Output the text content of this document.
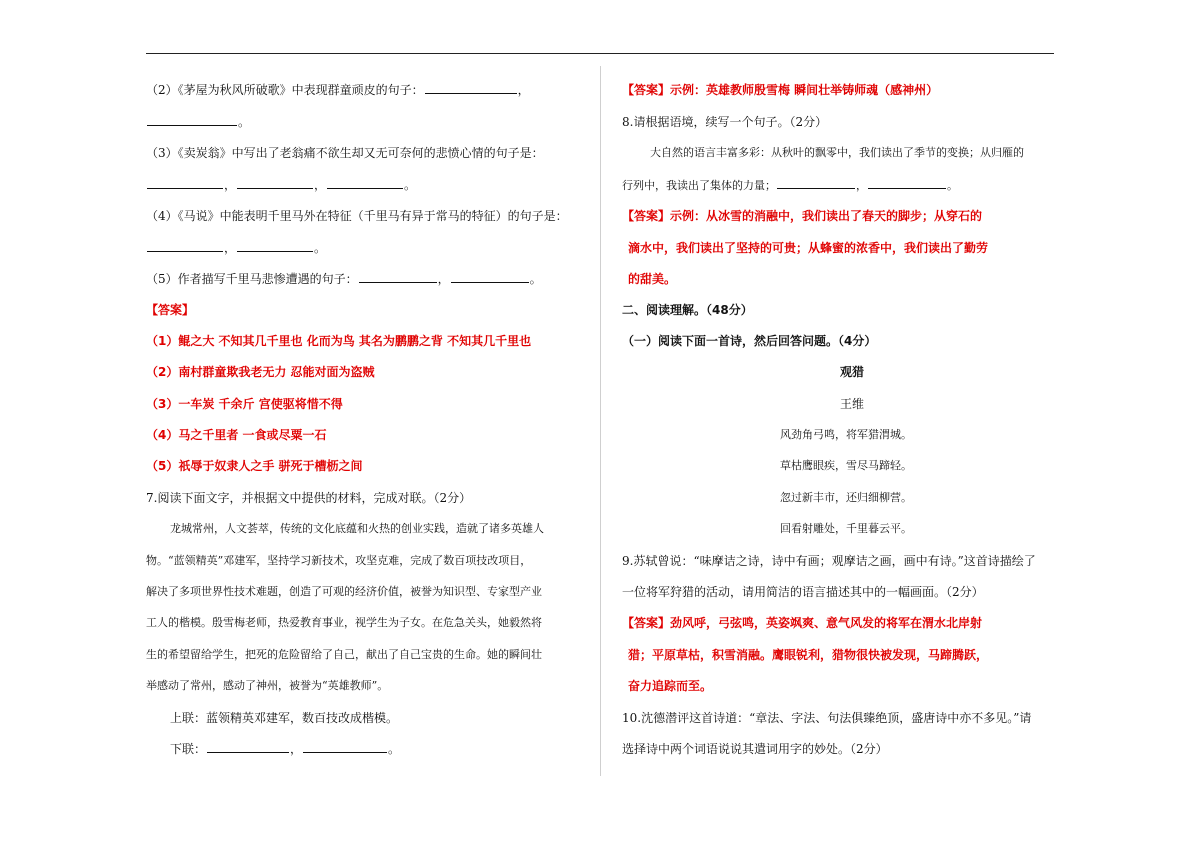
（2）《茅屋为秋风所破歌》中表现群童顽皮的句子：	，
。
（3）《卖炭翁》中写出了老翁痛不欲生却又无可奈何的悲愤心情的句子是：
，	，	。
（4）《马说》中能表明千里马外在特征（千里马有异于常马的特征）的句子是：
，	。
（5）作者描写千里马悲惨遭遇的句子：	，	。
【答案】
（1）鲲之大 不知其几千里也 化而为鸟 其名为鹏鹏之背 不知其几千里也
（2）南村群童欺我老无力 忍能对面为盗贼
（3）一车炭 千余斤 宫使驱将惜不得
（4）马之千里者 一食或尽粟一石
（5）祇辱于奴隶人之手 骈死于槽枥之间
7.阅读下面文字，并根据文中提供的材料，完成对联。（2分）
龙城常州，人文荟萃，传统的文化底蕴和火热的创业实践，造就了诸多英雄人
物。“蓝领精英”邓建军，坚持学习新技术，攻坚克难，完成了数百项技改项目，
解决了多项世界性技术难题，创造了可观的经济价值，被誉为知识型、专家型产业
工人的楷模。殷雪梅老师，热爱教育事业，视学生为子女。在危急关头，她毅然将
生的希望留给学生，把死的危险留给了自己，献出了自己宝贵的生命。她的瞬间壮
举感动了常州，感动了神州，被誉为“英雄教师”。
上联：蓝领精英邓建军，数百技改成楷模。
下联：	，	。
【答案】示例：英雄教师殷雪梅 瞬间壮举铸师魂（感神州）
8.请根据语境，续写一个句子。（2分）
大自然的语言丰富多彩：从秋叶的飘零中，我们读出了季节的变换；从归雁的
行列中，我读出了集体的力量；	，	。
【答案】示例：从冰雪的消融中，我们读出了春天的脚步；从穿石的
滴水中，我们读出了坚持的可贵；从蜂蜜的浓香中，我们读出了勤劳
的甜美。
二、阅读理解。（48分）
（一）阅读下面一首诗，然后回答问题。（4分）
观猎
王维
风劲角弓鸣，将军猎渭城。
草枯鹰眼疾，雪尽马蹄轻。
忽过新丰市，还归细柳营。
回看射雕处，千里暮云平。
9.苏轼曾说：“味摩诘之诗，诗中有画；观摩诘之画，画中有诗。”这首诗描绘了
一位将军狩猎的活动，请用简洁的语言描述其中的一幅画面。（2分）
【答案】劲风呼，弓弦鸣，英姿飒爽、意气风发的将军在渭水北岸射
猎；平原草枯，积雪消融。鹰眼锐利，猎物很快被发现，马蹄腾跃，
奋力追踪而至。
10.沈德潜评这首诗道：“章法、字法、句法俱臻绝顶，盛唐诗中亦不多见。”请
选择诗中两个词语说说其遣词用字的妙处。（2分）
